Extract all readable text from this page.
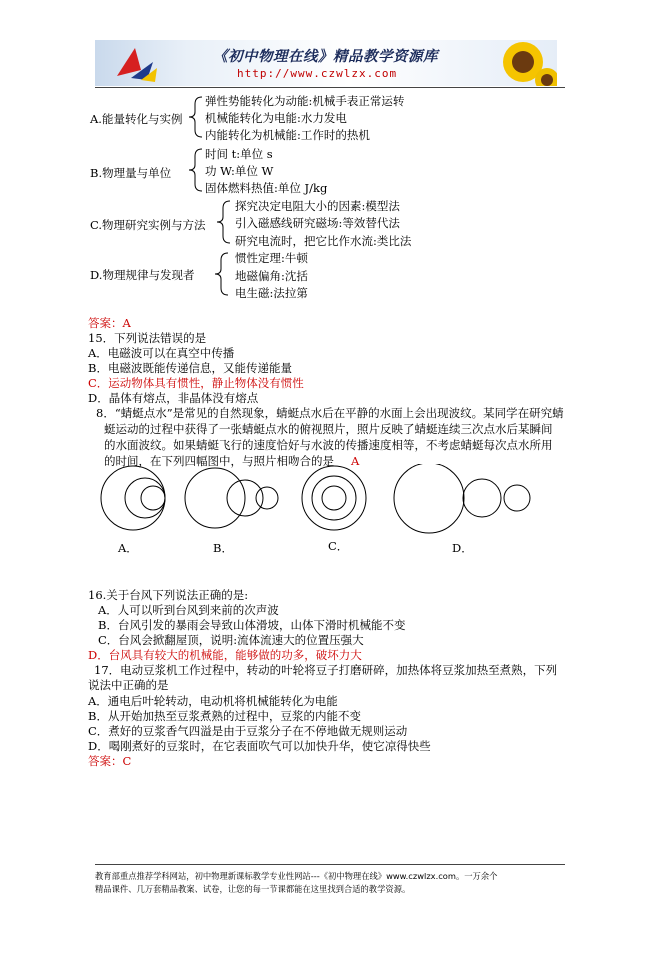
《初中物理在线》精品教学资源库
http://www.czwlzx.com
A.能量转化与实例
弹性势能转化为动能:机械手表正常运转
机械能转化为电能:水力发电
内能转化为机械能:工作时的热机
B.物理量与单位
时间 t:单位 s
功 W:单位 W
固体燃料热值:单位 J/kg
C.物理研究实例与方法
探究决定电阻大小的因素:模型法
引入磁感线研究磁场:等效替代法
研究电流时，把它比作水流:类比法
D.物理规律与发现者
惯性定理:牛顿
地磁偏角:沈括
电生磁:法拉第
答案：A
15．下列说法错误的是
A．电磁波可以在真空中传播
B．电磁波既能传递信息，又能传递能量
C．运动物体具有惯性，静止物体没有惯性
D．晶体有熔点，非晶体没有熔点
8．“蜻蜓点水”是常见的自然现象，蜻蜓点水后在平静的水面上会出现波纹。某同学在研究蜻
蜓运动的过程中获得了一张蜻蜓点水的俯视照片，照片反映了蜻蜓连续三次点水后某瞬间
的水面波纹。如果蜻蜓飞行的速度恰好与水波的传播速度相等，不考虑蜻蜓每次点水所用
的时间，在下列四幅图中，与照片相吻合的是 A
A．	B．	C．	D．
16.关于台风下列说法正确的是:
A．人可以听到台风到来前的次声波
B．台风引发的暴雨会导致山体滑坡，山体下滑时机械能不变
C．台风会掀翻屋顶，说明:流体流速大的位置压强大
D．台风具有较大的机械能，能够做的功多，破坏力大
17．电动豆浆机工作过程中，转动的叶轮将豆子打磨研碎，加热体将豆浆加热至煮熟，下列
说法中正确的是
A．通电后叶轮转动，电动机将机械能转化为电能
B．从开始加热至豆浆煮熟的过程中，豆浆的内能不变
C．煮好的豆浆香气四溢是由于豆浆分子在不停地做无规则运动
D．喝刚煮好的豆浆时，在它表面吹气可以加快升华，使它凉得快些
答案：C
教育部重点推荐学科网站，初中物理新课标教学专业性网站---《初中物理在线》www.czwlzx.com。一万余个
精品课件、几万套精品教案、试卷，让您的每一节课都能在这里找到合适的教学资源。
